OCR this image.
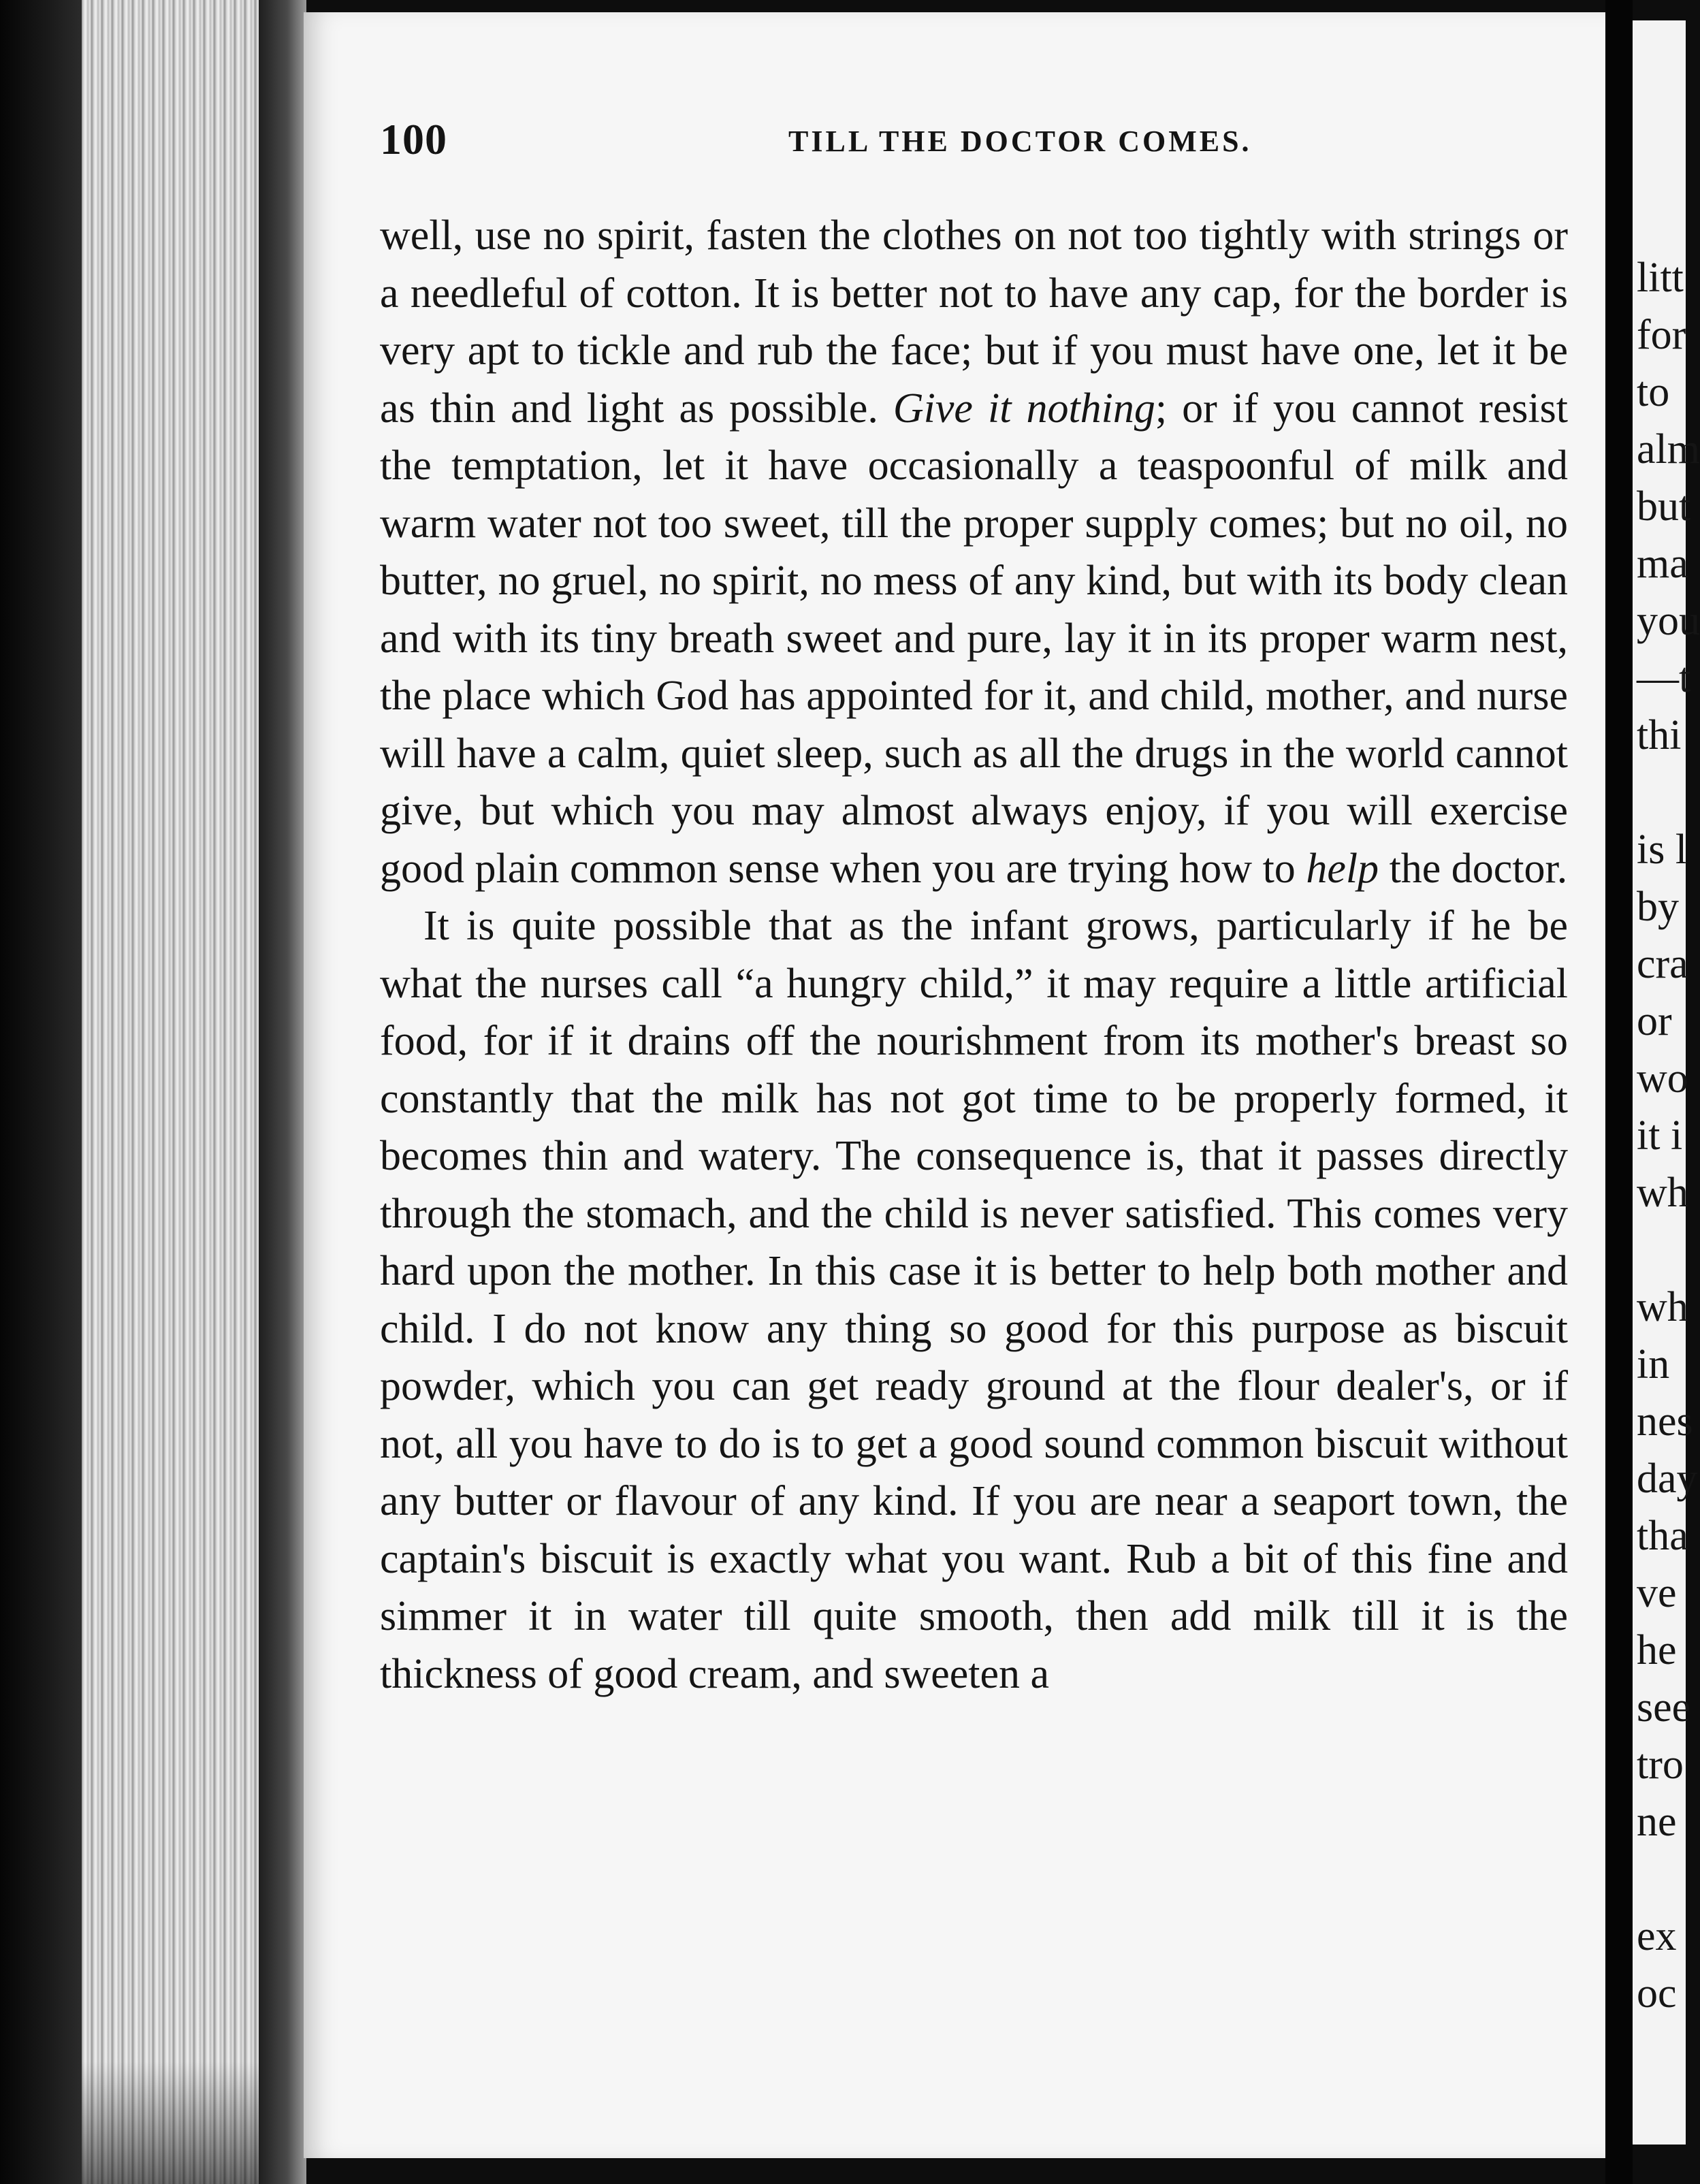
100	TILL THE DOCTOR COMES.

well, use no spirit, fasten the clothes on not too tightly with strings or a needleful of cotton. It is better not to have any cap, for the border is very apt to tickle and rub the face; but if you must have one, let it be as thin and light as possible. Give it nothing; or if you cannot resist the temptation, let it have occasionally a teaspoonful of milk and warm water not too sweet, till the proper supply comes; but no oil, no butter, no gruel, no spirit, no mess of any kind, but with its body clean and with its tiny breath sweet and pure, lay it in its proper warm nest, the place which God has appointed for it, and child, mother, and nurse will have a calm, quiet sleep, such as all the drugs in the world cannot give, but which you may almost always enjoy, if you will exercise good plain common sense when you are trying how to help the doctor.

It is quite possible that as the infant grows, particularly if he be what the nurses call “a hungry child,” it may require a little artificial food, for if it drains off the nourishment from its mother's breast so constantly that the milk has not got time to be properly formed, it becomes thin and watery. The consequence is, that it passes directly through the stomach, and the child is never satisfied. This comes very hard upon the mother. In this case it is better to help both mother and child. I do not know any thing so good for this purpose as biscuit powder, which you can get ready ground at the flour dealer's, or if not, all you have to do is to get a good sound common biscuit without any butter or flavour of any kind. If you are near a seaport town, the captain's biscuit is exactly what you want. Rub a bit of this fine and simmer it in water till quite smooth, then add milk till it is the thickness of good cream, and sweeten a

litt
for
to
alm
but
ma
you
—t
thi
is l
by
cra
or
wo
it i
wh
wh
in
nes
day
tha
ve
he
see
tro
ne
ex
oc
